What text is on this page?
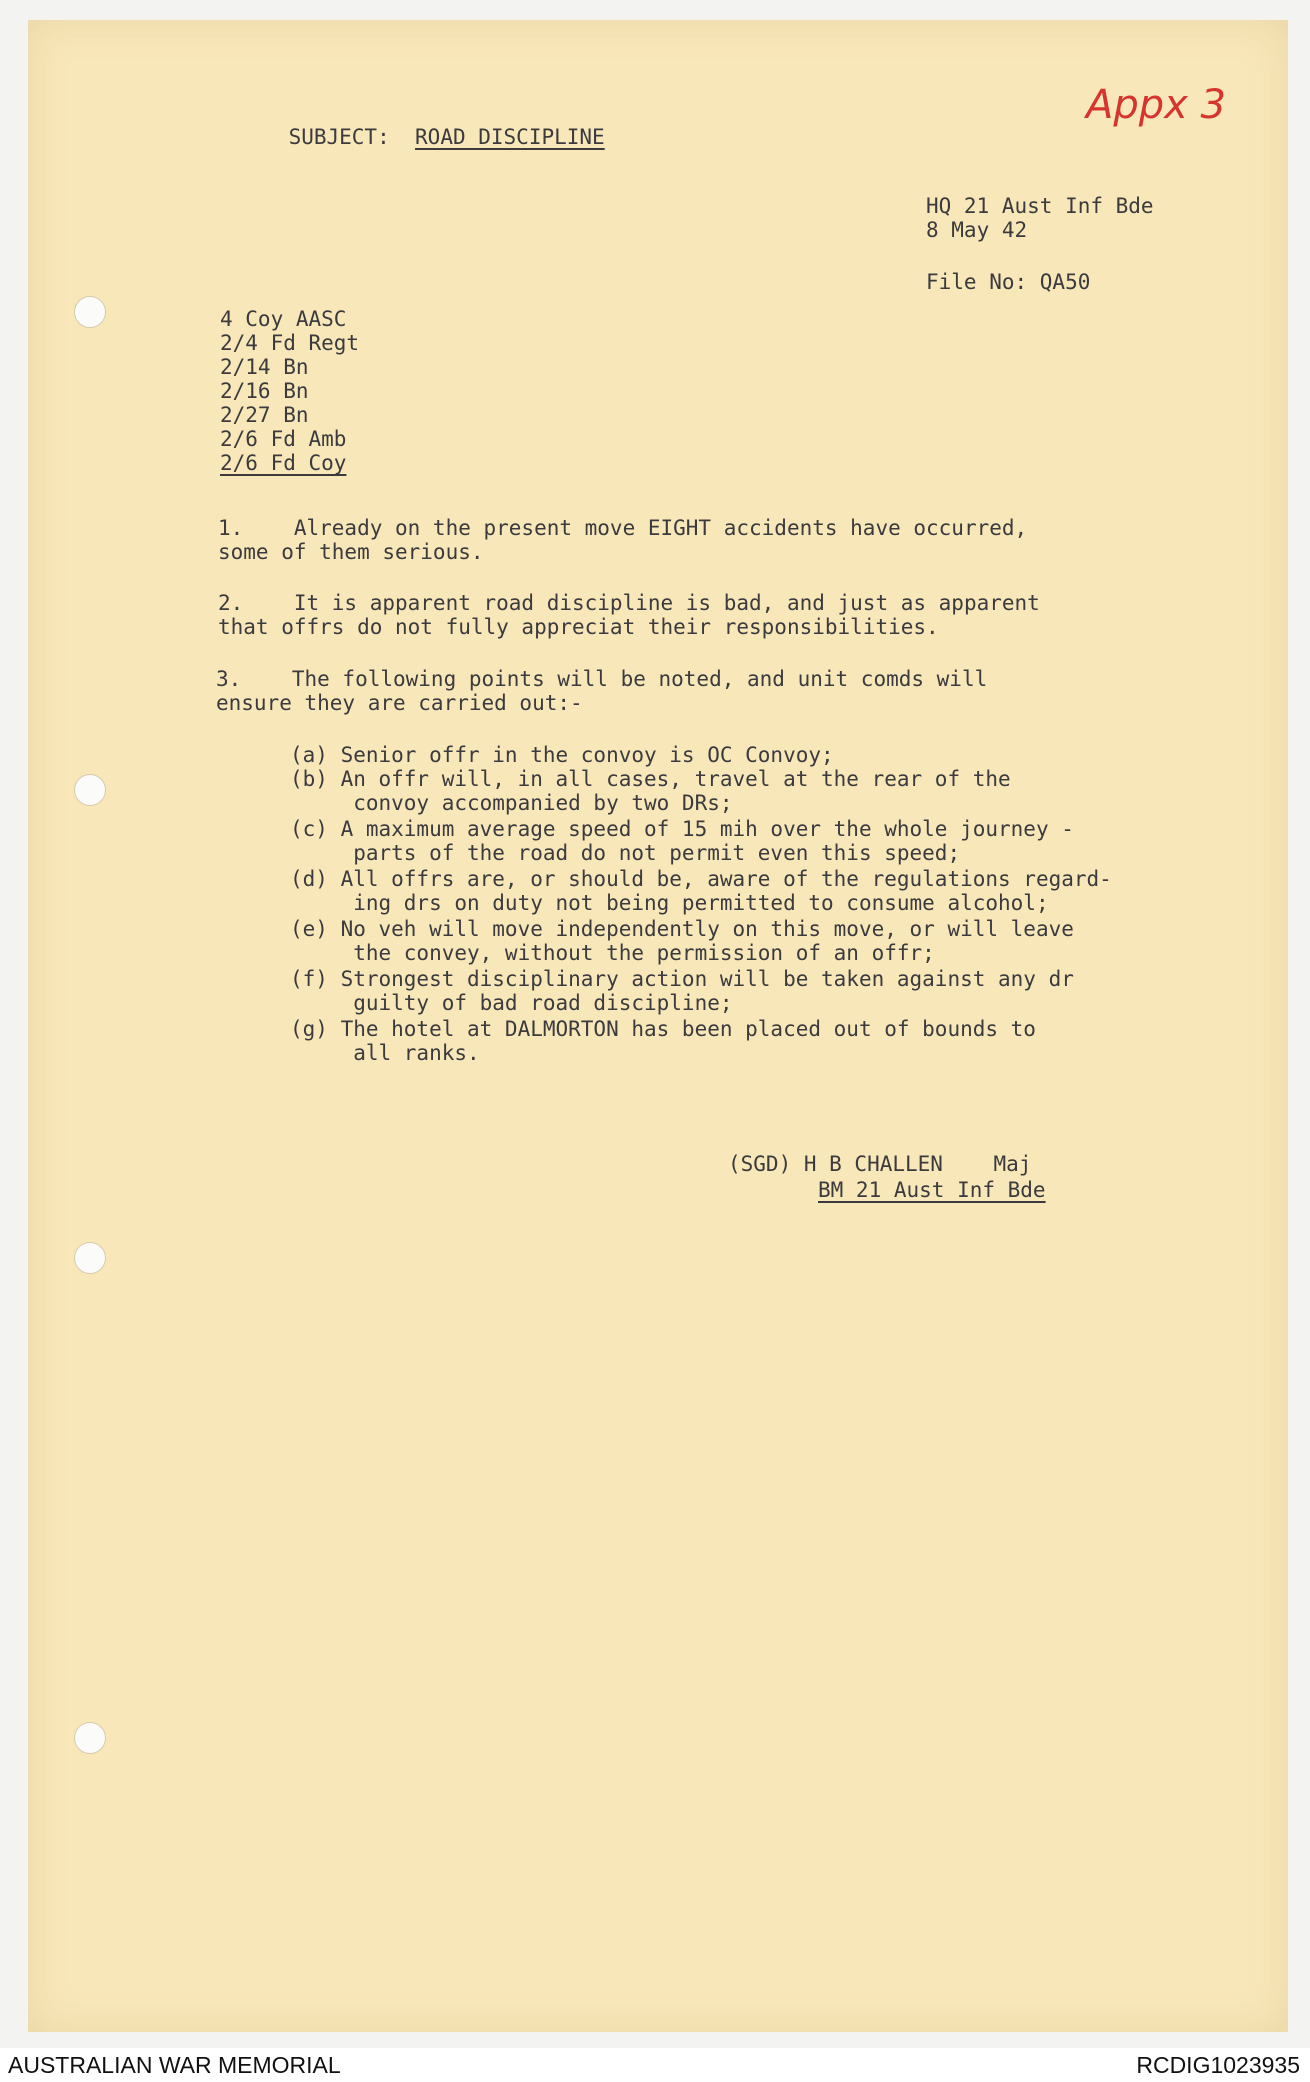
Appx 3

SUBJECT: ROAD DISCIPLINE

HQ 21 Aust Inf Bde

8 May 42

File No: QA50

4 Coy AASC

2/4 Fd Regt

2/14 Bn

2/16 Bn

2/27 Bn

2/6 Fd Amb

2/6 Fd Coy

1.    Already on the present move EIGHT accidents have occurred,

some of them serious.

2.    It is apparent road discipline is bad, and just as apparent

that offrs do not fully appreciat their responsibilities.

3.    The following points will be noted, and unit comds will

ensure they are carried out:-

(a) Senior offr in the convoy is OC Convoy;

(b) An offr will, in all cases, travel at the rear of the

convoy accompanied by two DRs;

(c) A maximum average speed of 15 mih over the whole journey -

parts of the road do not permit even this speed;

(d) All offrs are, or should be, aware of the regulations regard-

ing drs on duty not being permitted to consume alcohol;

(e) No veh will move independently on this move, or will leave

the convey, without the permission of an offr;

(f) Strongest disciplinary action will be taken against any dr

guilty of bad road discipline;

(g) The hotel at DALMORTON has been placed out of bounds to

all ranks.

(SGD) H B CHALLEN    Maj

BM 21 Aust Inf Bde

AUSTRALIAN WAR MEMORIAL	RCDIG1023935
